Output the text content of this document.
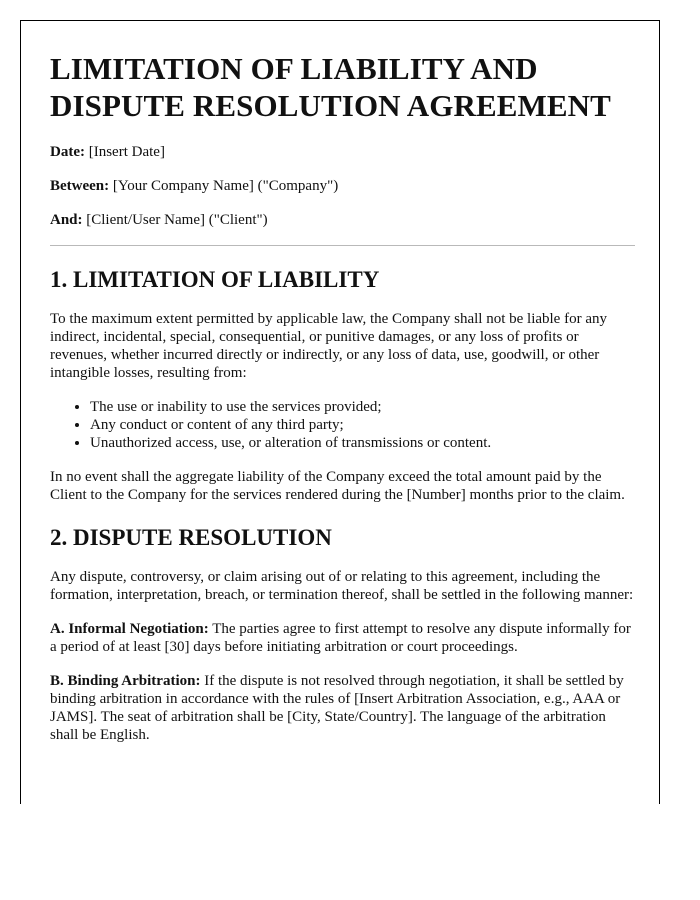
LIMITATION OF LIABILITY AND DISPUTE RESOLUTION AGREEMENT

Date: [Insert Date]

Between: [Your Company Name] ("Company")

And: [Client/User Name] ("Client")

1. LIMITATION OF LIABILITY

To the maximum extent permitted by applicable law, the Company shall not be liable for any indirect, incidental, special, consequential, or punitive damages, or any loss of profits or revenues, whether incurred directly or indirectly, or any loss of data, use, goodwill, or other intangible losses, resulting from:

• The use or inability to use the services provided;
• Any conduct or content of any third party;
• Unauthorized access, use, or alteration of transmissions or content.

In no event shall the aggregate liability of the Company exceed the total amount paid by the Client to the Company for the services rendered during the [Number] months prior to the claim.

2. DISPUTE RESOLUTION

Any dispute, controversy, or claim arising out of or relating to this agreement, including the formation, interpretation, breach, or termination thereof, shall be settled in the following manner:

A. Informal Negotiation: The parties agree to first attempt to resolve any dispute informally for a period of at least [30] days before initiating arbitration or court proceedings.

B. Binding Arbitration: If the dispute is not resolved through negotiation, it shall be settled by binding arbitration in accordance with the rules of [Insert Arbitration Association, e.g., AAA or JAMS]. The seat of arbitration shall be [City, State/Country]. The language of the arbitration shall be English.
